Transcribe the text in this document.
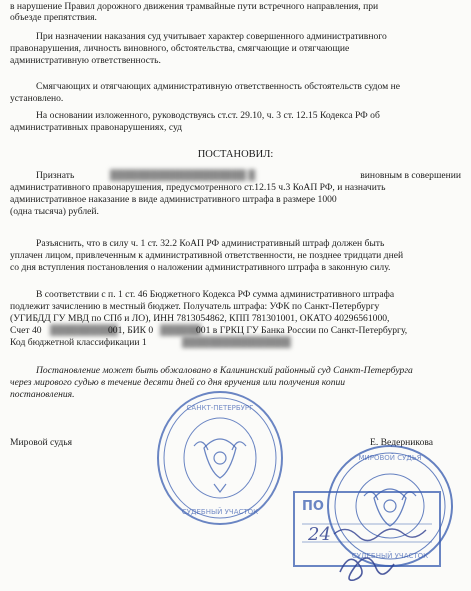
в нарушение Правил дорожного движения трамвайные пути встречного направления, при
объезде препятствия.
При назначении наказания суд учитывает характер совершенного административного
правонарушения, личность виновного, обстоятельства, смягчающие и отягчающие
административную ответственность.
Смягчающих и отягчающих административную ответственность обстоятельств судом не
установлено.
На основании изложенного, руководствуясь ст.ст. 29.10, ч. 3 ст. 12.15 Кодекса РФ об
административных правонарушениях, суд
ПОСТАНОВИЛ:
Признать	████████████████████ █	виновным в совершении
административного правонарушения, предусмотренного ст.12.15 ч.3 КоАП РФ, и назначить
административное наказание в виде административного штрафа в размере 1000
(одна тысяча) рублей.
Разъяснить, что в силу ч. 1 ст. 32.2 КоАП РФ административный штраф должен быть
уплачен лицом, привлеченным к административной ответственности, не позднее тридцати дней
со дня вступления постановления о наложении административного штрафа в законную силу.
В соответствии с п. 1 ст. 46 Бюджетного Кодекса РФ сумма административного штрафа
подлежит зачислению в местный бюджет. Получатель штрафа: УФК по Санкт-Петербургу
(УГИБДД ГУ МВД по СПб и ЛО), ИНН 7813054862, КПП 781301001, ОКАТО 40296561000,
Счет 40 ██████████
001, БИК 0 ██████
001 в ГРКЦ ГУ Банка России по Санкт-Петербургу,
Код бюджетной классификации 1	████████████████
Постановление может быть обжаловано в Калининский районный суд Санкт-Петербурга
через мирового судью в течение десяти дней со дня вручения или получения копии
постановления.
Мировой судья	Е. Ведерникова
САНКТ-ПЕТЕРБУРГ
СУДЕБНЫЙ УЧАСТОК
МИРОВОЙ СУДЬЯ
СУДЕБНЫЙ УЧАСТОК
ПО
24
